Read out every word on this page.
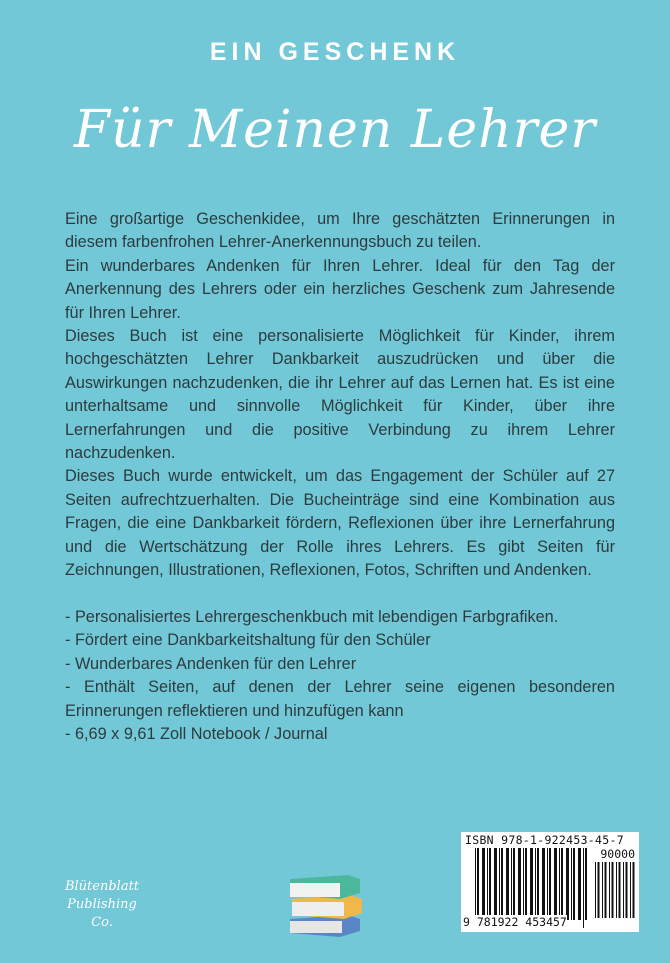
EIN GESCHENK
Für Meinen Lehrer

Eine großartige Geschenkidee, um Ihre geschätzten Erinnerungen in diesem farbenfrohen Lehrer-Anerkennungsbuch zu teilen.

Ein wunderbares Andenken für Ihren Lehrer. Ideal für den Tag der Anerkennung des Lehrers oder ein herzliches Geschenk zum Jahresende für Ihren Lehrer.

Dieses Buch ist eine personalisierte Möglichkeit für Kinder, ihrem hochgeschätzten Lehrer Dankbarkeit auszudrücken und über die Auswirkungen nachzudenken, die ihr Lehrer auf das Lernen hat. Es ist eine unterhaltsame und sinnvolle Möglichkeit für Kinder, über ihre Lernerfahrungen und die positive Verbindung zu ihrem Lehrer nachzudenken.

Dieses Buch wurde entwickelt, um das Engagement der Schüler auf 27 Seiten aufrechtzuerhalten. Die Bucheinträge sind eine Kombination aus Fragen, die eine Dankbarkeit fördern, Reflexionen über ihre Lernerfahrung und die Wertschätzung der Rolle ihres Lehrers. Es gibt Seiten für Zeichnungen, Illustrationen, Reflexionen, Fotos, Schriften und Andenken.

- Personalisiertes Lehrergeschenkbuch mit lebendigen Farbgrafiken.
- Fördert eine Dankbarkeitshaltung für den Schüler
- Wunderbares Andenken für den Lehrer
- Enthält Seiten, auf denen der Lehrer seine eigenen besonderen Erinnerungen reflektieren und hinzufügen kann
- 6,69 x 9,61 Zoll Notebook / Journal
Blütenblatt Publishing Co.
ISBN 978-1-922453-45-7
90000
9 781922 453457
